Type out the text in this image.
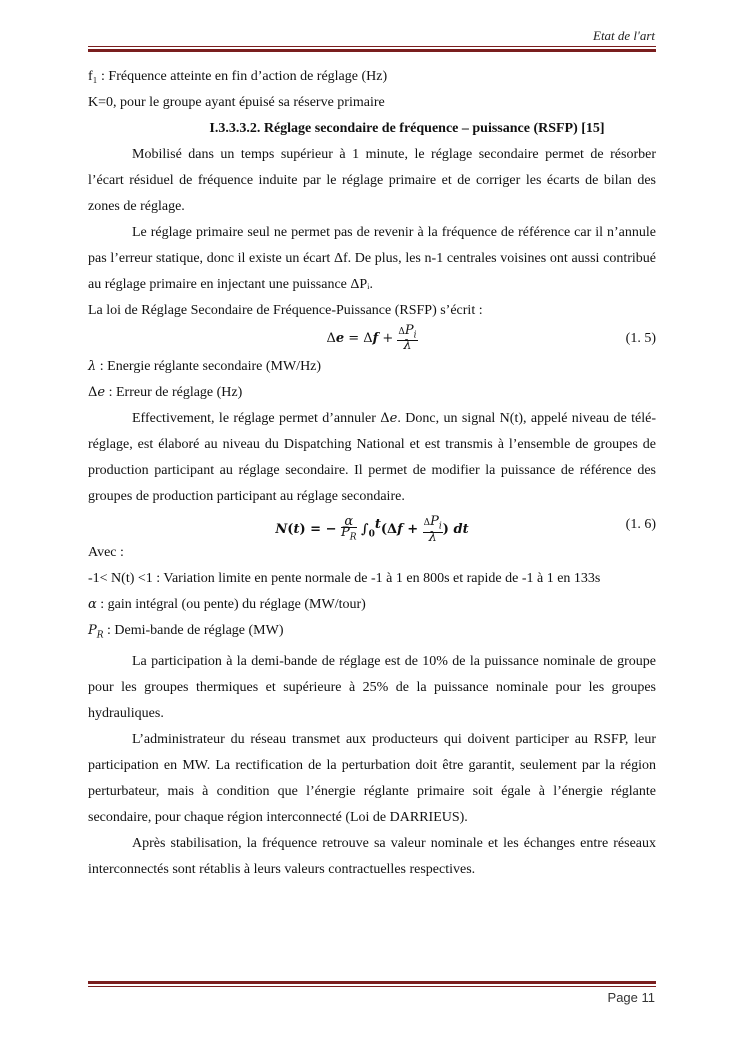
Etat de l'art

f₁ : Fréquence atteinte en fin d’action de réglage (Hz)

K=0, pour le groupe ayant épuisé sa réserve primaire

I.3.3.3.2. Réglage secondaire de fréquence – puissance (RSFP) [15]

Mobilisé dans un temps supérieur à 1 minute, le réglage secondaire permet de résorber l’écart résiduel de fréquence induite par le réglage primaire et de corriger les écarts de bilan des zones de réglage.

Le réglage primaire seul ne permet pas de revenir à la fréquence de référence car il n’annule pas l’erreur statique, donc il existe un écart Δf. De plus, les n-1 centrales voisines ont aussi contribué au réglage primaire en injectant une puissance ΔPᵢ.

La loi de Réglage Secondaire de Fréquence-Puissance (RSFP) s’écrit :

$\Delta e = \Delta f + \frac{\Delta P_i}{\lambda}$	(1. 5)

λ : Energie réglante secondaire (MW/Hz)

Δe : Erreur de réglage (Hz)

Effectivement, le réglage permet d’annuler Δe. Donc, un signal N(t), appelé niveau de télé-réglage, est élaboré au niveau du Dispatching National et est transmis à l’ensemble de groupes de production participant au réglage secondaire. Il permet de modifier la puissance de référence des groupes de production participant au réglage secondaire.

N(t) = − $\frac{\alpha}{P_R} \int_0^t(\Delta f + \frac{\Delta P_i}{\lambda}$ ) dt	(1. 6)

Avec :

-1< N(t) <1 : Variation limite en pente normale de -1 à 1 en 800s et rapide de -1 à 1 en 133s

α : gain intégral (ou pente) du réglage (MW/tour)

$P_R$ : Demi-bande de réglage (MW)

La participation à la demi-bande de réglage est de 10% de la puissance nominale de groupe pour les groupes thermiques et supérieure à 25% de la puissance nominale pour les groupes hydrauliques.

L’administrateur du réseau transmet aux producteurs qui doivent participer au RSFP, leur participation en MW. La rectification de la perturbation doit être garantit, seulement par la région perturbateur, mais à condition que l’énergie réglante primaire soit égale à l’énergie réglante secondaire, pour chaque région interconnecté (Loi de DARRIEUS).

Après stabilisation, la fréquence retrouve sa valeur nominale et les échanges entre réseaux interconnectés sont rétablis à leurs valeurs contractuelles respectives.

Page 11
